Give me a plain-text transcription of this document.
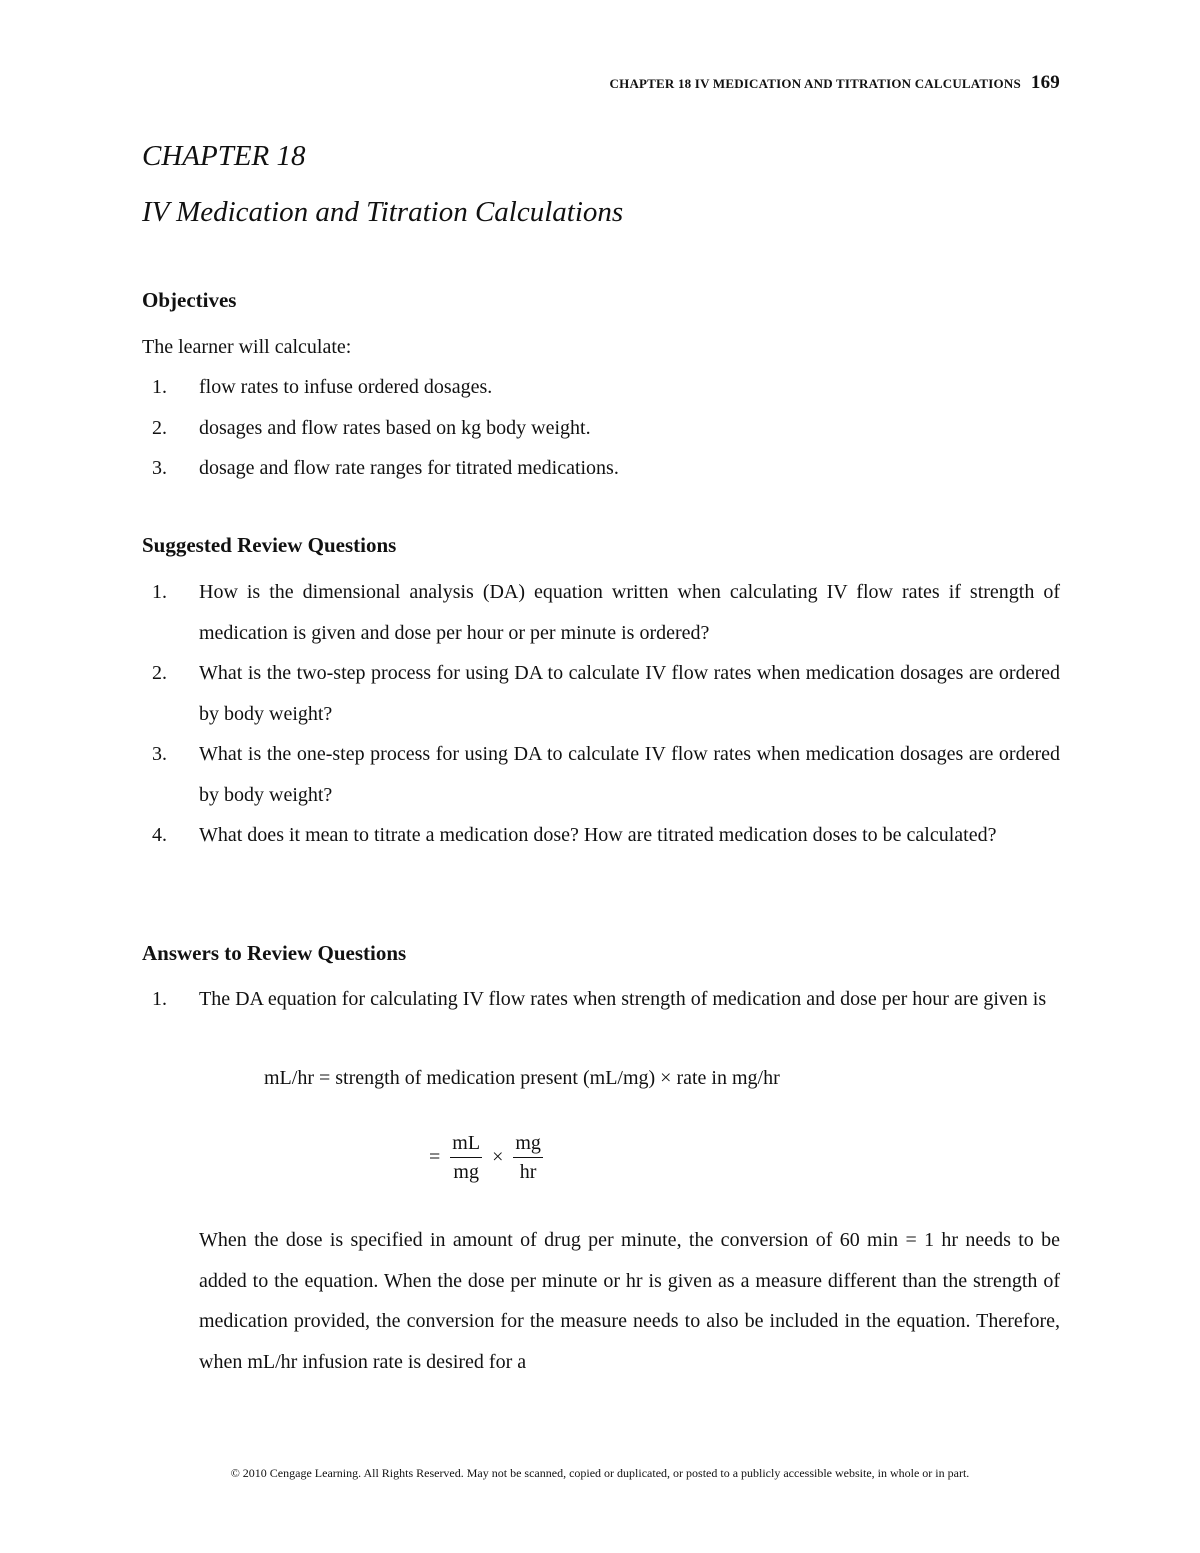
CHAPTER 18 IV MEDICATION AND TITRATION CALCULATIONS 169
CHAPTER 18
IV Medication and Titration Calculations
Objectives

The learner will calculate:

1. flow rates to infuse ordered dosages.
2. dosages and flow rates based on kg body weight.
3. dosage and flow rate ranges for titrated medications.
Suggested Review Questions
1. How is the dimensional analysis (DA) equation written when calculating IV flow rates if strength of medication is given and dose per hour or per minute is ordered?
2. What is the two-step process for using DA to calculate IV flow rates when medication dosages are ordered by body weight?
3. What is the one-step process for using DA to calculate IV flow rates when medication dosages are ordered by body weight?
4. What does it mean to titrate a medication dose? How are titrated medication doses to be calculated?
Answers to Review Questions
1. The DA equation for calculating IV flow rates when strength of medication and dose per hour are given is
mL/hr = strength of medication present (mL/mg) × rate in mg/hr
= $\frac{mL}{mg} \times \frac{mg}{hr}$
When the dose is specified in amount of drug per minute, the conversion of 60 min = 1 hr needs to be added to the equation. When the dose per minute or hr is given as a measure different than the strength of medication provided, the conversion for the measure needs to also be included in the equation. Therefore, when mL/hr infusion rate is desired for a
© 2010 Cengage Learning. All Rights Reserved. May not be scanned, copied or duplicated, or posted to a publicly accessible website, in whole or in part.
